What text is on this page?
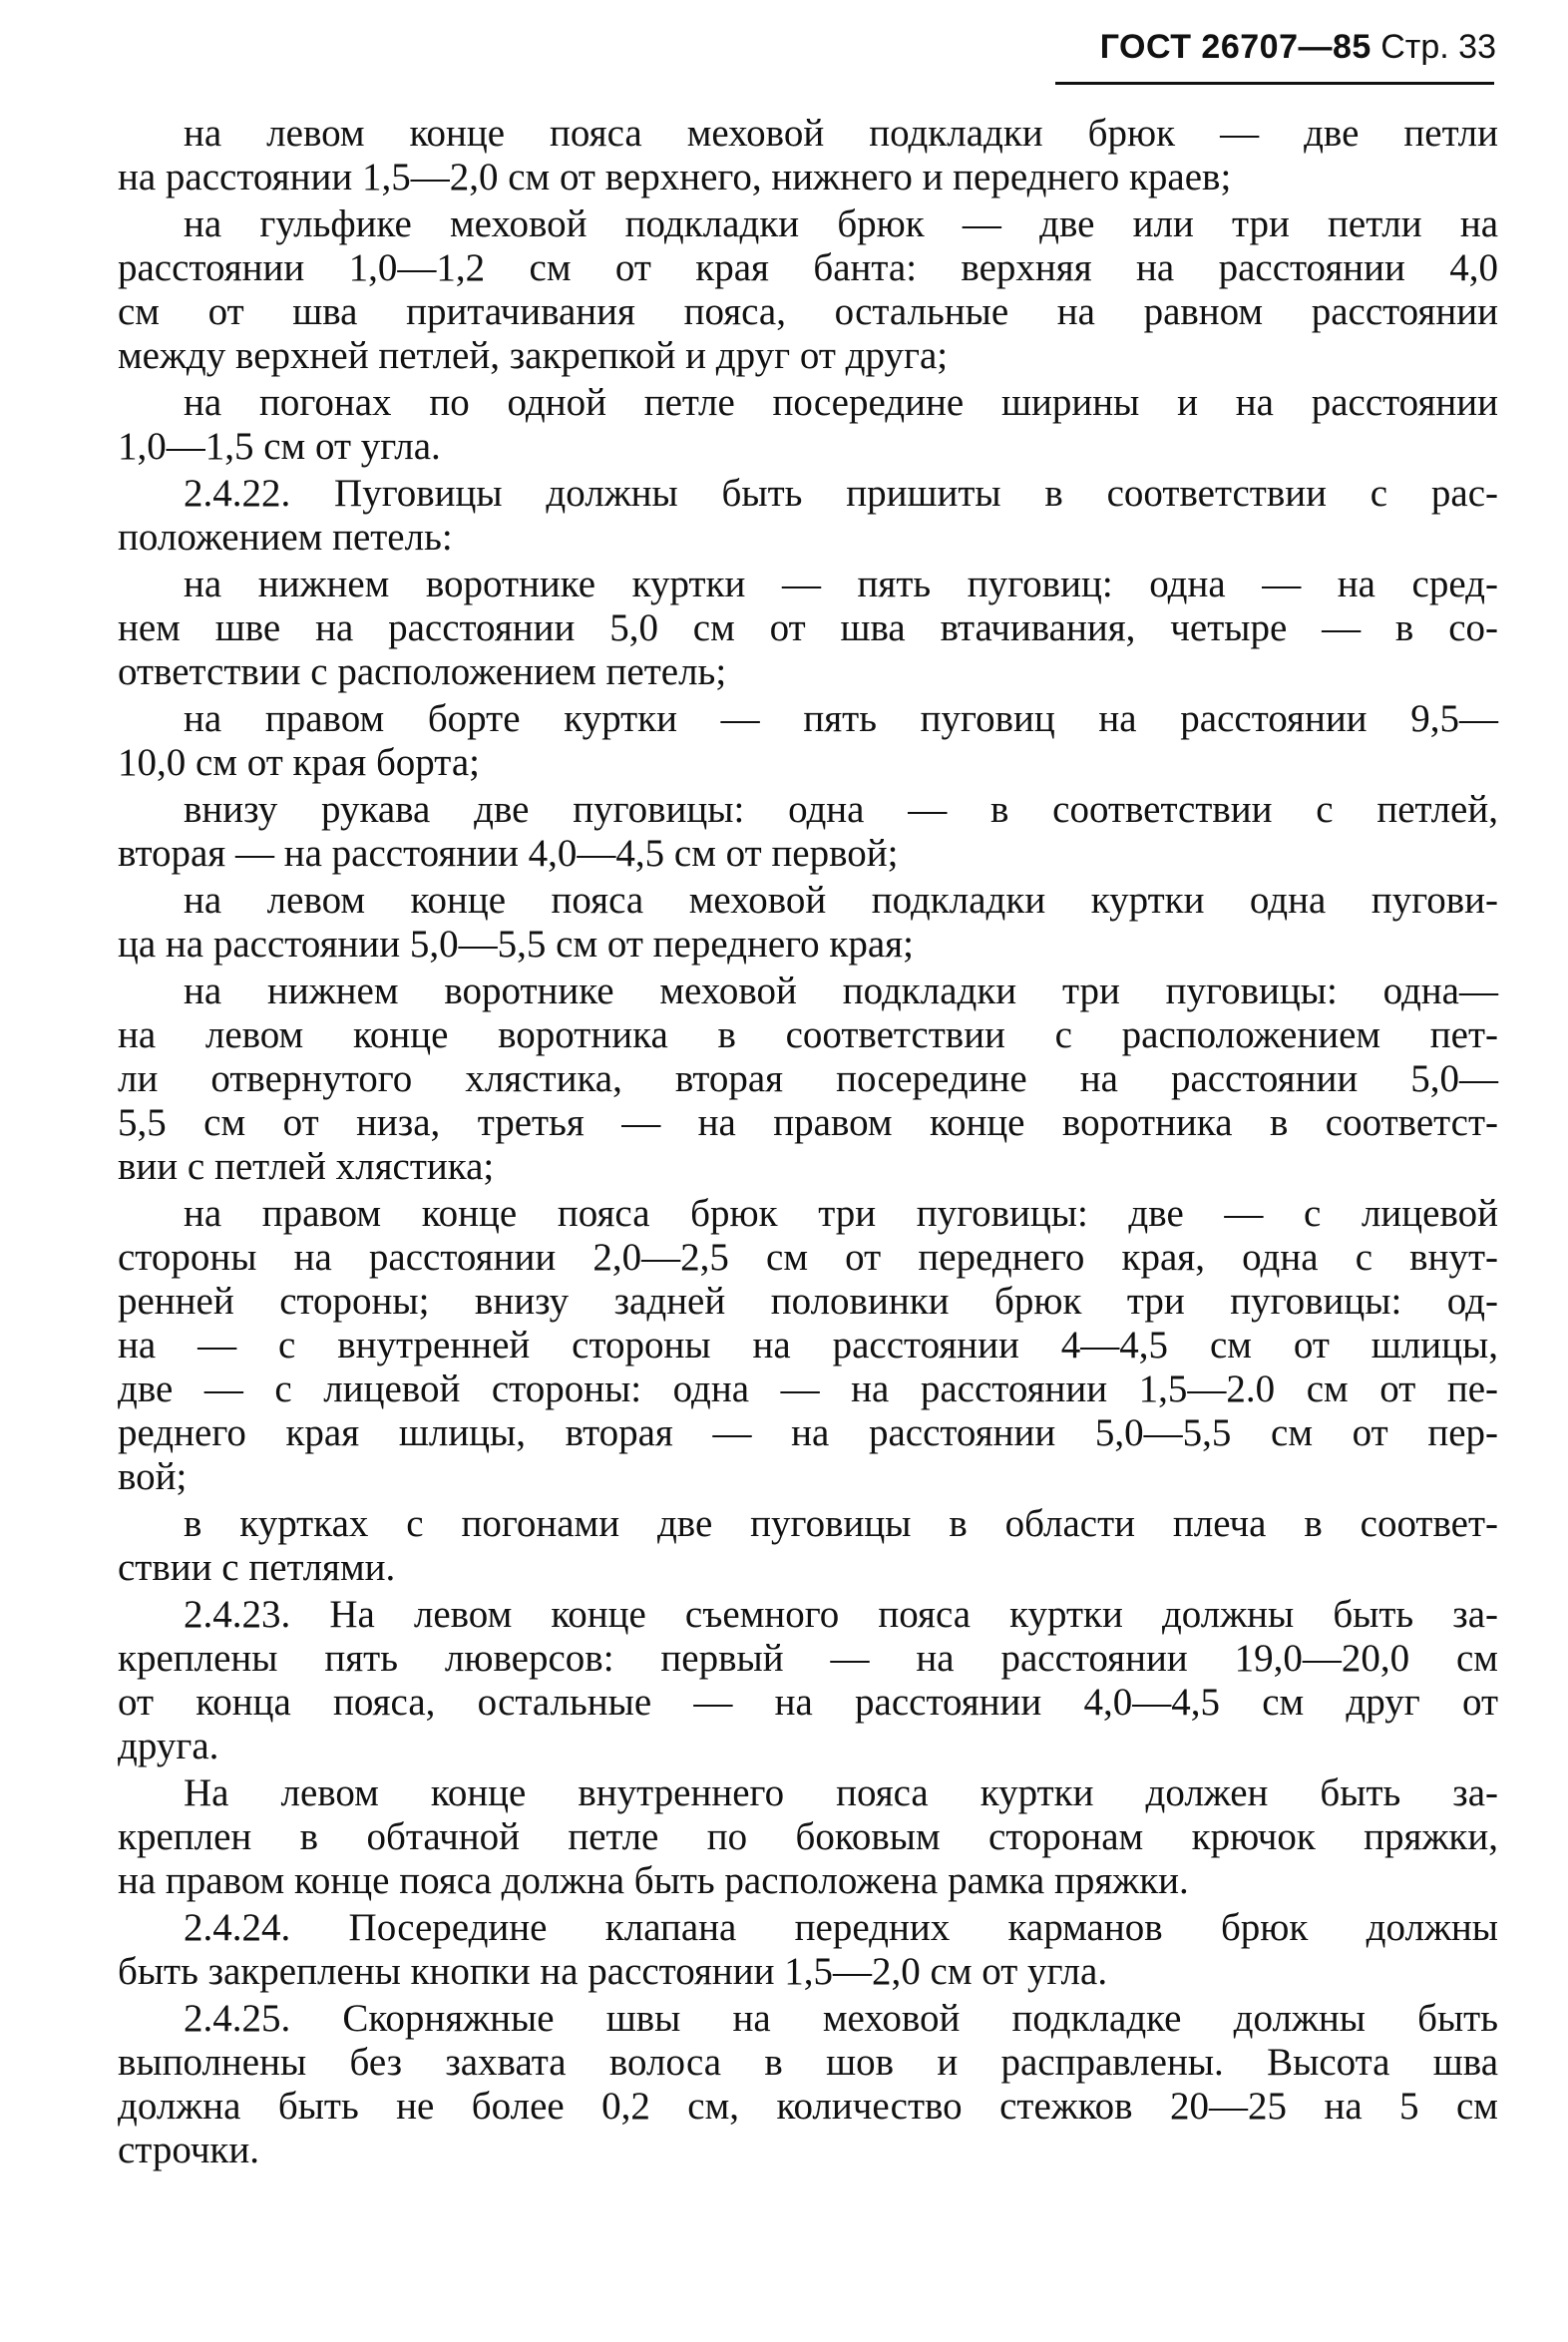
ГОСТ 26707—85 Стр. 33
на левом конце пояса меховой подкладки брюк — две петли
на расстоянии 1,5—2,0 см от верхнего, нижнего и переднего краев;
на гульфике меховой подкладки брюк — две или три петли на
расстоянии 1,0—1,2 см от края банта: верхняя на расстоянии 4,0
см от шва притачивания пояса, остальные на равном расстоянии
между верхней петлей, закрепкой и друг от друга;
на погонах по одной петле посередине ширины и на расстоянии
1,0—1,5 см от угла.
2.4.22. Пуговицы должны быть пришиты в соответствии с рас-
положением петель:
на нижнем воротнике куртки — пять пуговиц: одна — на сред-
нем шве на расстоянии 5,0 см от шва втачивания, четыре — в со-
ответствии с расположением петель;
на правом борте куртки — пять пуговиц на расстоянии 9,5—
10,0 см от края борта;
внизу рукава две пуговицы: одна — в соответствии с петлей,
вторая — на расстоянии 4,0—4,5 см от первой;
на левом конце пояса меховой подкладки куртки одна пугови-
ца на расстоянии 5,0—5,5 см от переднего края;
на нижнем воротнике меховой подкладки три пуговицы: одна—
на левом конце воротника в соответствии с расположением пет-
ли отвернутого хлястика, вторая посередине на расстоянии 5,0—
5,5 см от низа, третья — на правом конце воротника в соответст-
вии с петлей хлястика;
на правом конце пояса брюк три пуговицы: две — с лицевой
стороны на расстоянии 2,0—2,5 см от переднего края, одна с внут-
ренней стороны; внизу задней половинки брюк три пуговицы: од-
на — с внутренней стороны на расстоянии 4—4,5 см от шлицы,
две — с лицевой стороны: одна — на расстоянии 1,5—2.0 см от пе-
реднего края шлицы, вторая — на расстоянии 5,0—5,5 см от пер-
вой;
в куртках с погонами две пуговицы в области плеча в соответ-
ствии с петлями.
2.4.23. На левом конце съемного пояса куртки должны быть за-
креплены пять люверсов: первый — на расстоянии 19,0—20,0 см
от конца пояса, остальные — на расстоянии 4,0—4,5 см друг от
друга.
На левом конце внутреннего пояса куртки должен быть за-
креплен в обтачной петле по боковым сторонам крючок пряжки,
на правом конце пояса должна быть расположена рамка пряжки.
2.4.24. Посередине клапана передних карманов брюк должны
быть закреплены кнопки на расстоянии 1,5—2,0 см от угла.
2.4.25. Скорняжные швы на меховой подкладке должны быть
выполнены без захвата волоса в шов и расправлены. Высота шва
должна быть не более 0,2 см, количество стежков 20—25 на 5 см
строчки.
